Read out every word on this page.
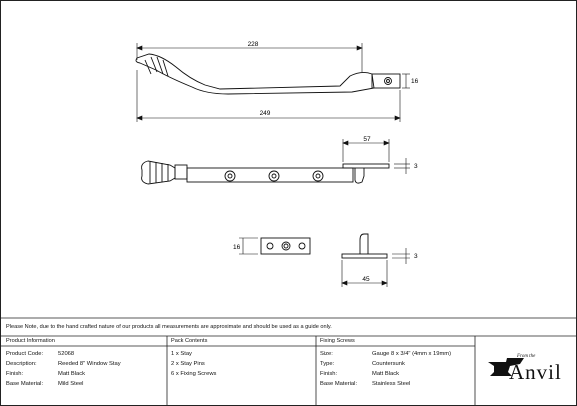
228
249
16
57
3
16
3
45
Please Note, due to the hand crafted nature of our products all measurements are approximate and should be used as a guide only.
Product Information
Product Code:	52068
Description:	Reeded 8" Window Stay
Finish:	Matt Black
Base Material:	Mild Steel
Pack Contents
1 x Stay
2 x Stay Pins
6 x Fixing Screws
Fixing Screws
Size:	Gauge 8 x 3/4" (4mm x 19mm)
Type:	Countersunk
Finish:	Matt Black
Base Material:	Stainless Steel
From the
Anvil
